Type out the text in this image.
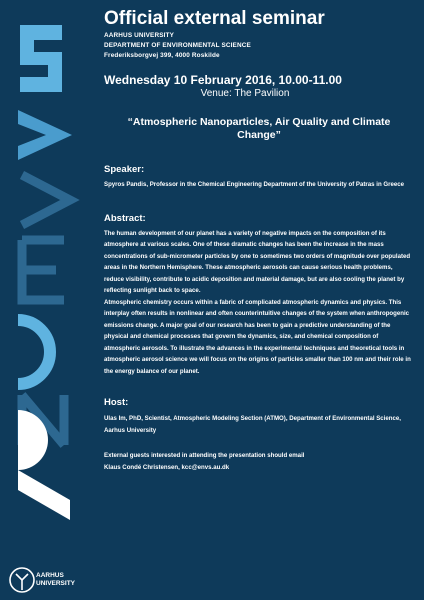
Official external seminar
AARHUS UNIVERSITY
DEPARTMENT OF ENVIRONMENTAL SCIENCE
Frederiksborgvej 399, 4000 Roskilde
Wednesday 10 February 2016, 10.00-11.00
Venue: The Pavilion
“Atmospheric Nanoparticles, Air Quality and Climate Change”
Speaker:
Spyros Pandis, Professor in the Chemical Engineering Department of the University of Patras in Greece
Abstract:
The human development of our planet has a variety of negative impacts on the composition of its atmosphere at various scales. One of these dramatic changes has been the increase in the mass concentrations of sub-micrometer particles by one to sometimes two orders of magnitude over populated areas in the Northern Hemisphere. These atmospheric aerosols can cause serious health problems, reduce visibility, contribute to acidic deposition and material damage, but are also cooling the planet by reflecting sunlight back to space.
Atmospheric chemistry occurs within a fabric of complicated atmospheric dynamics and physics. This interplay often results in nonlinear and often counterintuitive changes of the system when anthropogenic emissions change. A major goal of our research has been to gain a predictive understanding of the physical and chemical processes that govern the dynamics, size, and chemical composition of atmospheric aerosols. To illustrate the advances in the experimental techniques and theoretical tools in atmospheric aerosol science we will focus on the origins of particles smaller than 100 nm and their role in the energy balance of our planet.
Host:
Ulas Im, PhD, Scientist, Atmospheric Modeling Section (ATMO), Department of Environmental Science, Aarhus University
External guests interested in attending the presentation should email
Klaus Condé Christensen, kcc@envs.au.dk
AARHUS
UNIVERSITY
